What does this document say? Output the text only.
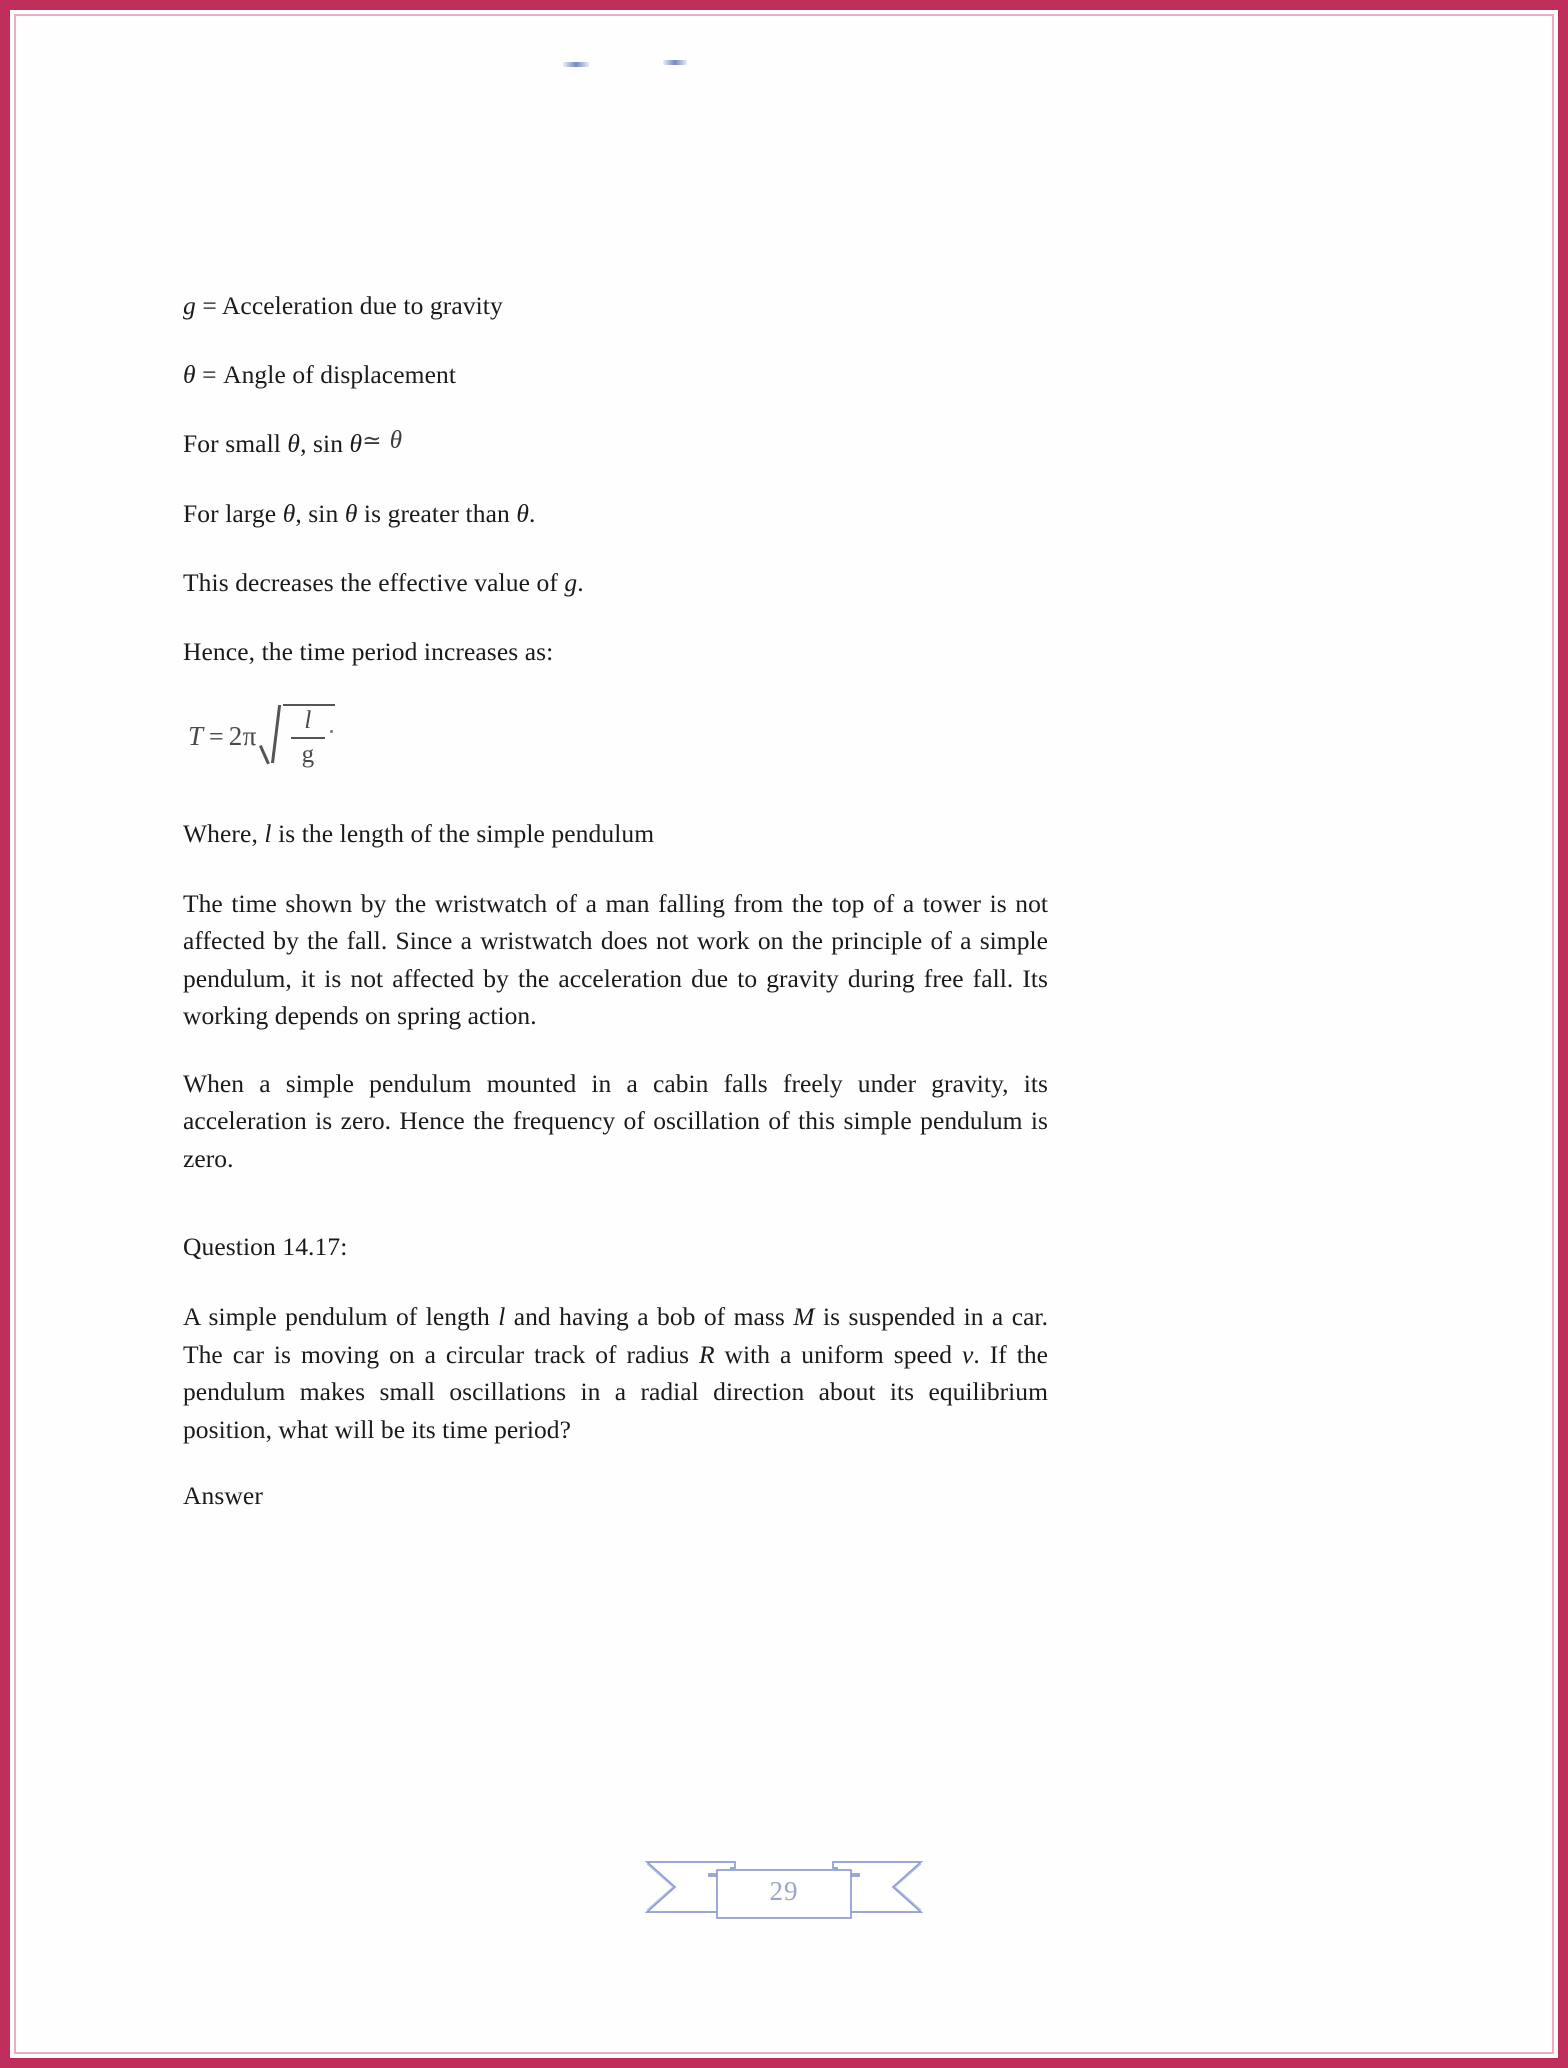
g = Acceleration due to gravity

θ = Angle of displacement

For small θ, sin θ≃ θ

For large θ, sin θ is greater than θ.

This decreases the effective value of g.

Hence, the time period increases as:

$T = 2\pi \frac{l}{g}$

Where, l is the length of the simple pendulum

The time shown by the wristwatch of a man falling from the top of a tower is not affected by the fall. Since a wristwatch does not work on the principle of a simple pendulum, it is not affected by the acceleration due to gravity during free fall. Its working depends on spring action.

When a simple pendulum mounted in a cabin falls freely under gravity, its acceleration is zero. Hence the frequency of oscillation of this simple pendulum is zero.

Question 14.17:

A simple pendulum of length l and having a bob of mass M is suspended in a car. The car is moving on a circular track of radius R with a uniform speed v. If the pendulum makes small oscillations in a radial direction about its equilibrium position, what will be its time period?

Answer

29
